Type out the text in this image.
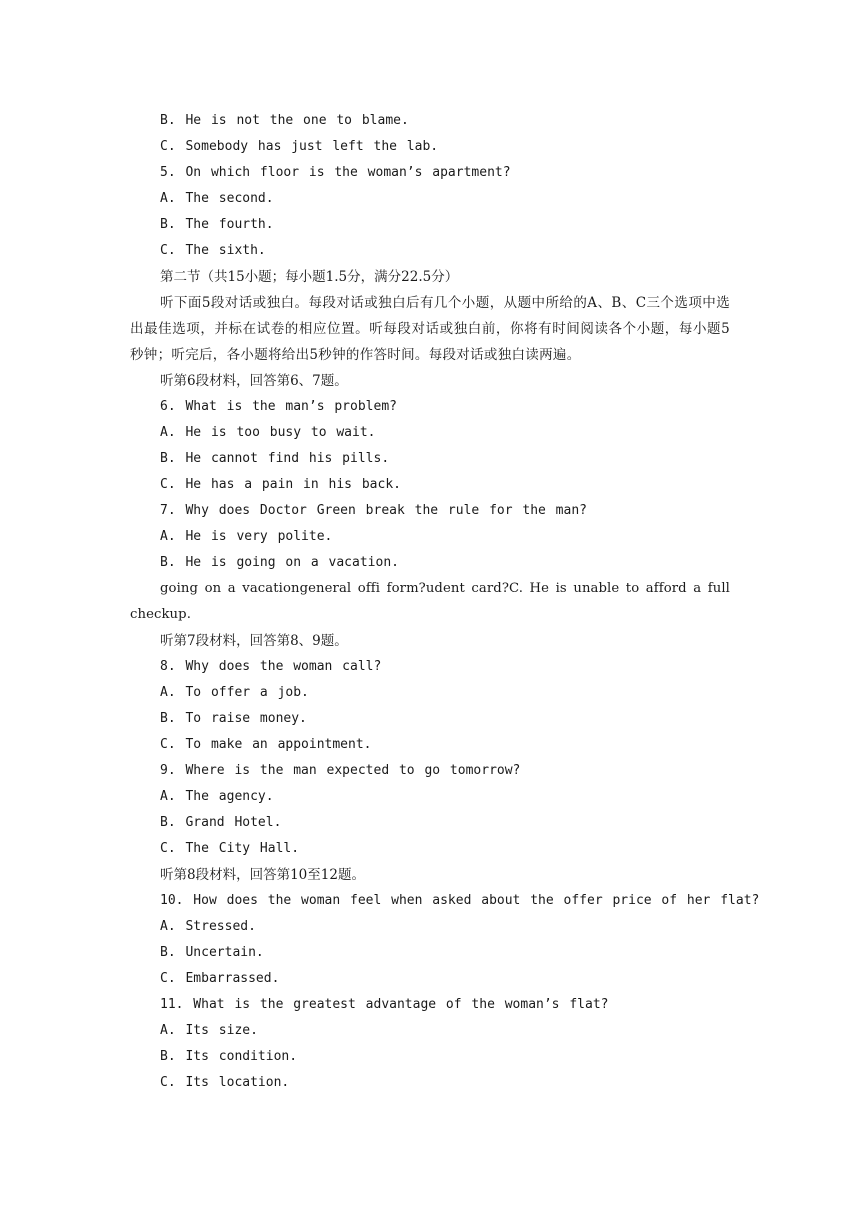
B. He is not the one to blame.
C. Somebody has just left the lab.
5. On which floor is the woman’s apartment?
A. The second.
B. The fourth.
C. The sixth.
第二节（共15小题；每小题1.5分，满分22.5分）
听下面5段对话或独白。每段对话或独白后有几个小题，从题中所给的A、B、C三个选项中选出最佳选项，并标在试卷的相应位置。听每段对话或独白前，你将有时间阅读各个小题，每小题5秒钟；听完后，各小题将给出5秒钟的作答时间。每段对话或独白读两遍。
听第6段材料，回答第6、7题。
6. What is the man’s problem?
A. He is too busy to wait.
B. He cannot find his pills.
C. He has a pain in his back.
7. Why does Doctor Green break the rule for the man?
A. He is very polite.
B. He is going on a vacation.
going on a vacationgeneral offi form?udent card?C. He is unable to afford a full checkup.
听第7段材料，回答第8、9题。
8. Why does the woman call?
A. To offer a job.
B. To raise money.
C. To make an appointment.
9. Where is the man expected to go tomorrow?
A. The agency.
B. Grand Hotel.
C. The City Hall.
听第8段材料，回答第10至12题。
10. How does the woman feel when asked about the offer price of her flat?
A. Stressed.
B. Uncertain.
C. Embarrassed.
11. What is the greatest advantage of the woman’s flat?
A. Its size.
B. Its condition.
C. Its location.
